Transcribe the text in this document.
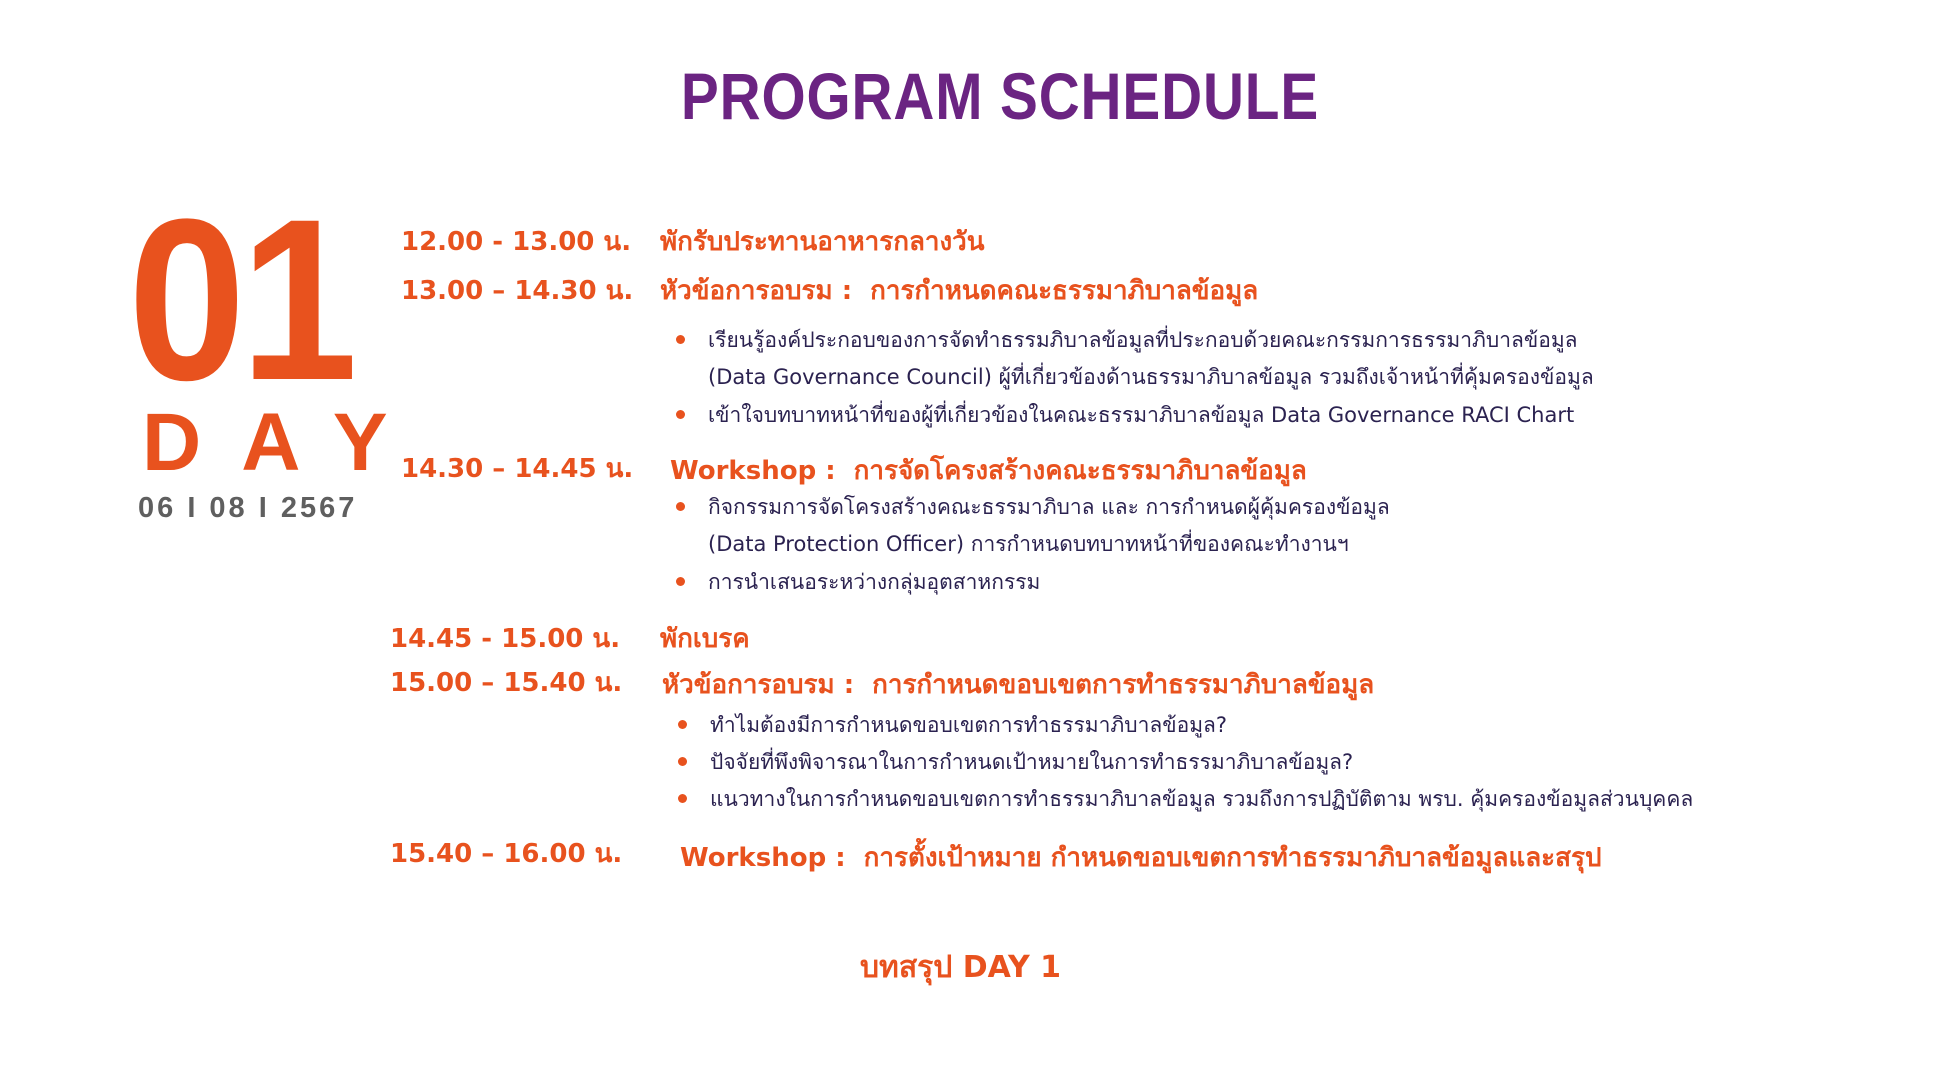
PROGRAM SCHEDULE
01
DAY
06 I 08 I 2567
12.00 - 13.00 น. พักรับประทานอาหารกลางวัน
13.00 – 14.30 น. หัวข้อการอบรม : การกำหนดคณะธรรมาภิบาลข้อมูล
เรียนรู้องค์ประกอบของการจัดทำธรรมภิบาลข้อมูลที่ประกอบด้วยคณะกรรมการธรรมาภิบาลข้อมูล
(Data Governance Council) ผู้ที่เกี่ยวข้องด้านธรรมาภิบาลข้อมูล รวมถึงเจ้าหน้าที่คุ้มครองข้อมูล
เข้าใจบทบาทหน้าที่ของผู้ที่เกี่ยวข้องในคณะธรรมาภิบาลข้อมูล Data Governance RACI Chart
14.30 – 14.45 น. Workshop : การจัดโครงสร้างคณะธรรมาภิบาลข้อมูล
กิจกรรมการจัดโครงสร้างคณะธรรมาภิบาล และ การกำหนดผู้คุ้มครองข้อมูล
(Data Protection Officer) การกำหนดบทบาทหน้าที่ของคณะทำงานฯ
การนำเสนอระหว่างกลุ่มอุตสาหกรรม
14.45 - 15.00 น. พักเบรค
15.00 – 15.40 น. หัวข้อการอบรม : การกำหนดขอบเขตการทำธรรมาภิบาลข้อมูล
ทำไมต้องมีการกำหนดขอบเขตการทำธรรมาภิบาลข้อมูล?
ปัจจัยที่พึงพิจารณาในการกำหนดเป้าหมายในการทำธรรมาภิบาลข้อมูล?
แนวทางในการกำหนดขอบเขตการทำธรรมาภิบาลข้อมูล รวมถึงการปฏิบัติตาม พรบ. คุ้มครองข้อมูลส่วนบุคคล
15.40 – 16.00 น. Workshop : การตั้งเป้าหมาย กำหนดขอบเขตการทำธรรมาภิบาลข้อมูลและสรุป
บทสรุป DAY 1
